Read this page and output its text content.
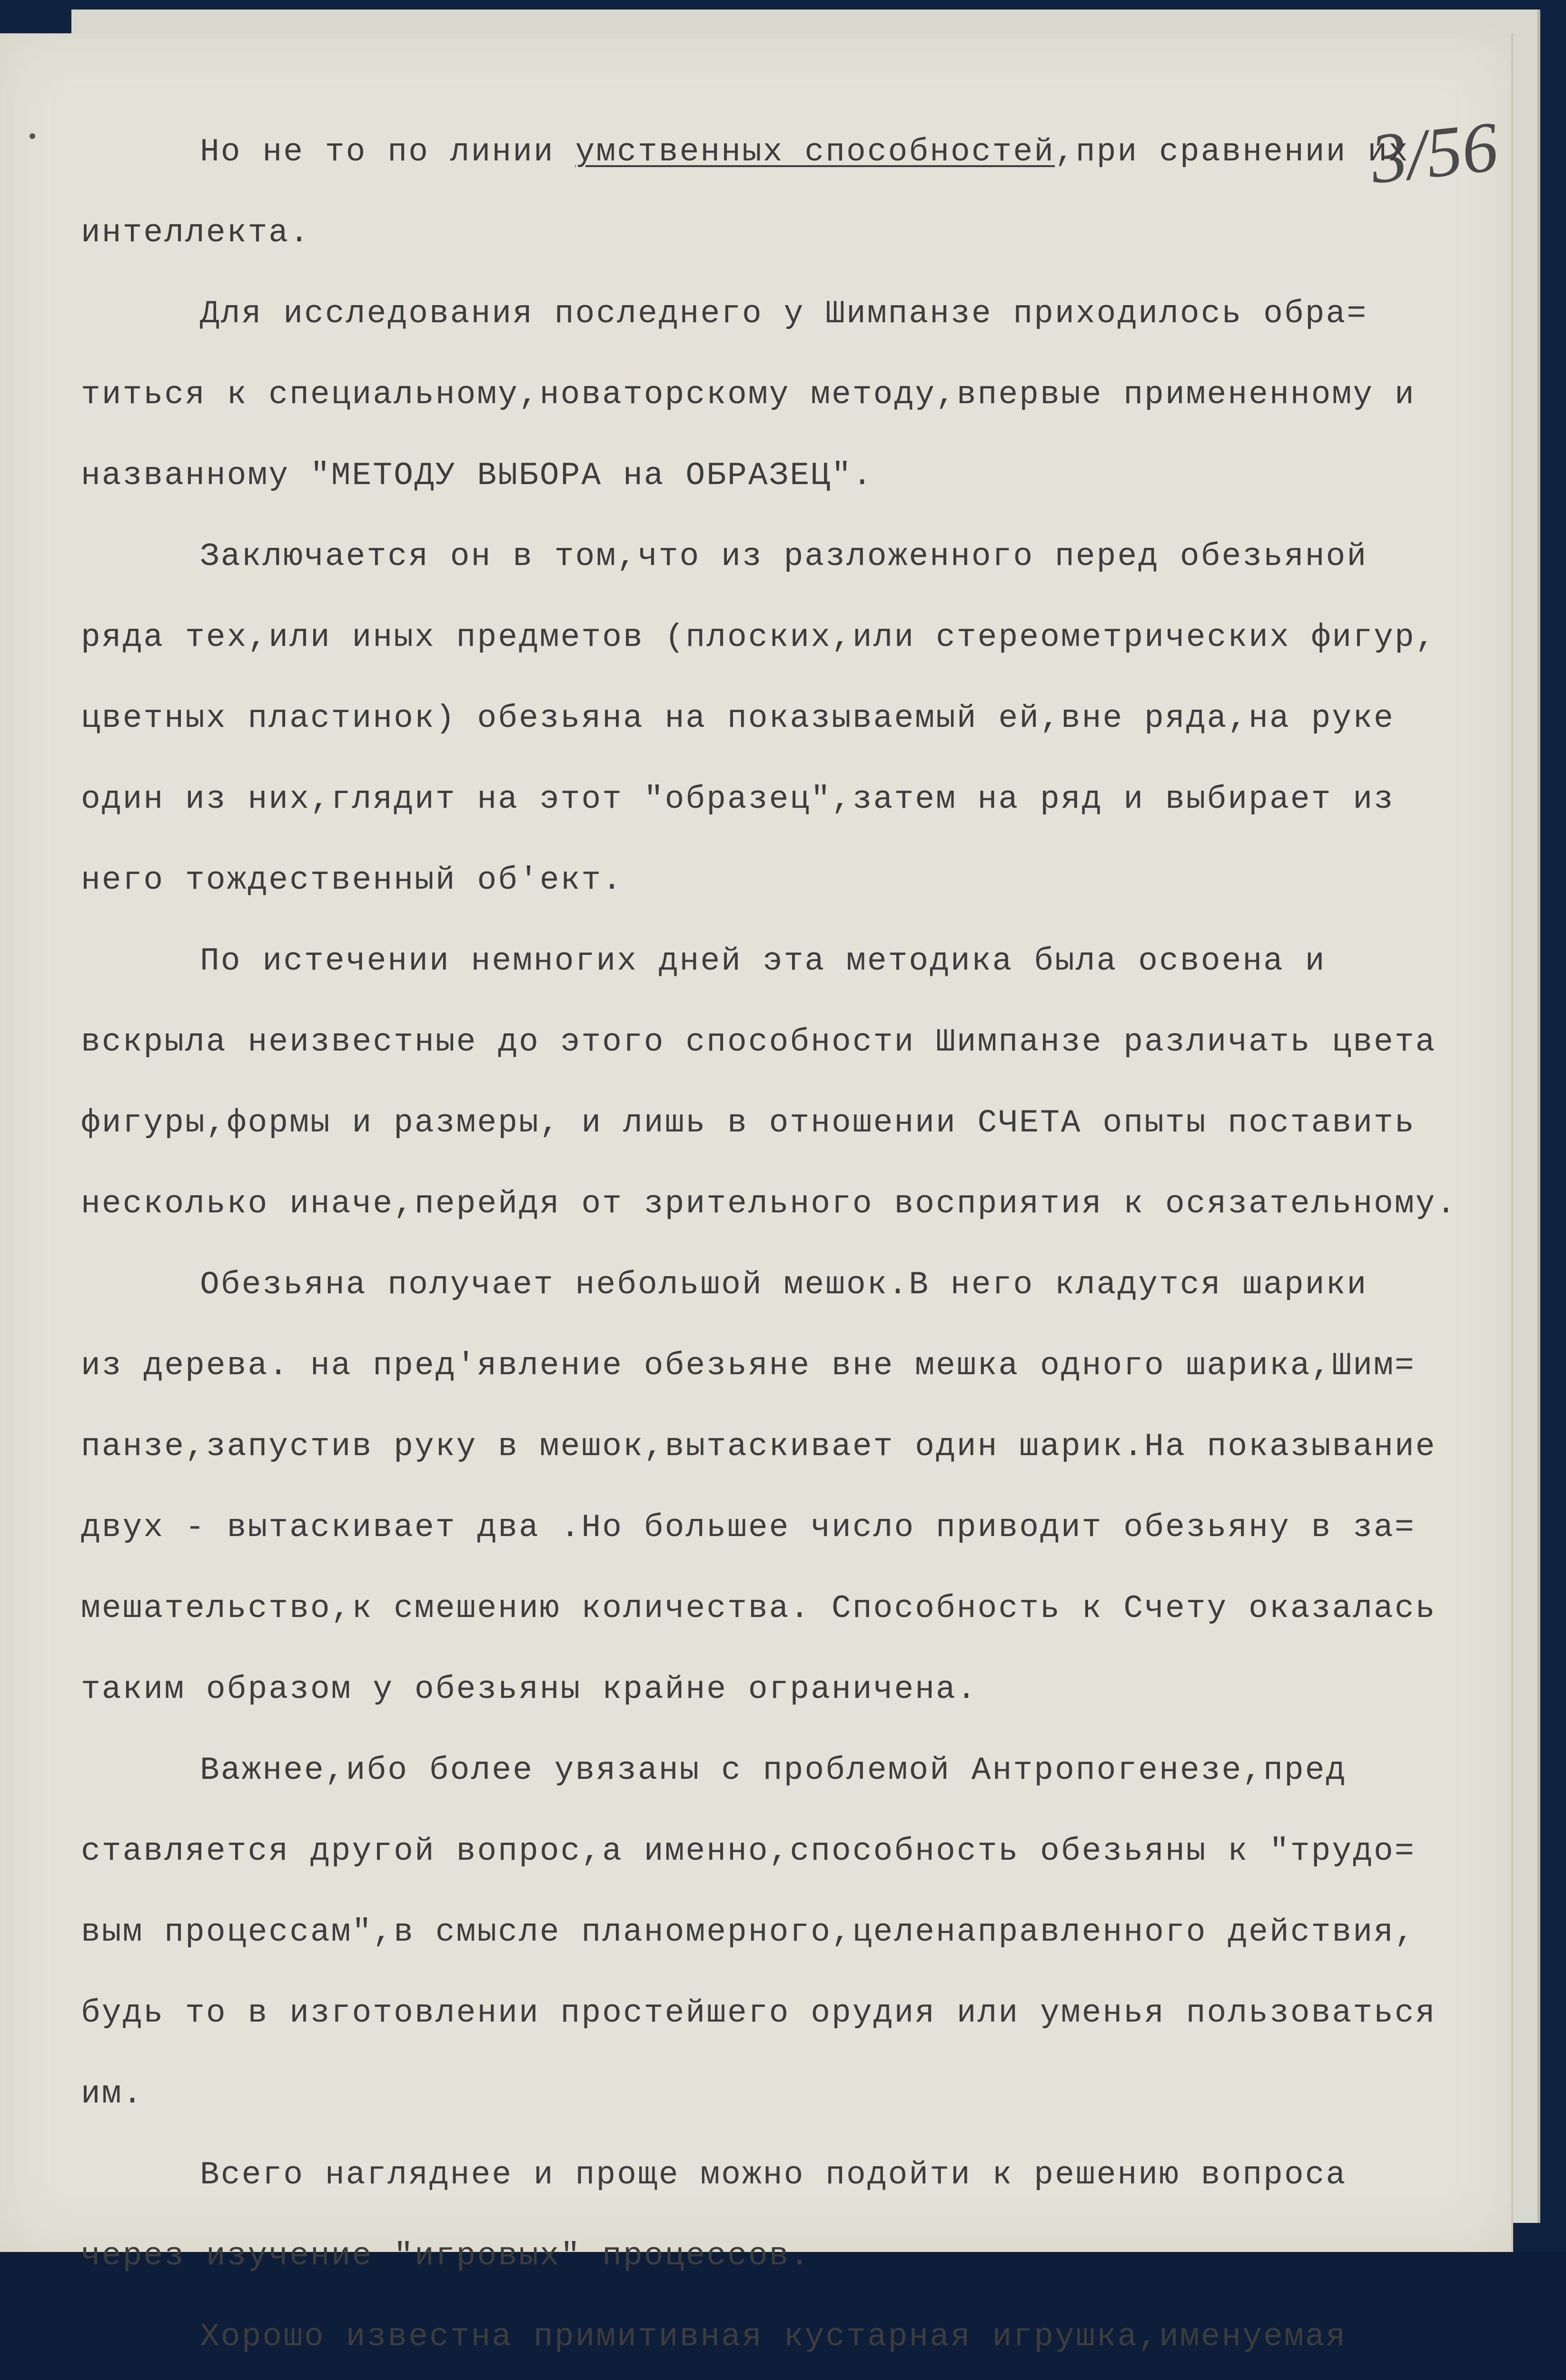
3/56
Но не то по линии умственных способностей,при сравнении их
интеллекта.
Для исследования последнего у Шимпанзе приходилось обра=
титься к специальному,новаторскому методу,впервые примененному и
названному "МЕТОДУ ВЫБОРА на ОБРАЗЕЦ".
Заключается он в том,что из разложенного перед обезьяной
ряда тех,или иных предметов (плоских,или стереометрических фигур,
цветных пластинок) обезьяна на показываемый ей,вне ряда,на руке
один из них,глядит на этот "образец",затем на ряд и выбирает из
него тождественный об'ект.
По истечении немногих дней эта методика была освоена и
вскрыла неизвестные до этого способности Шимпанзе различать цвета
фигуры,формы и размеры, и лишь в отношении СЧЕТА опыты поставить
несколько иначе,перейдя от зрительного восприятия к осязательному.
Обезьяна получает небольшой мешок.В него кладутся шарики
из дерева. на пред'явление обезьяне вне мешка одного шарика,Шим=
панзе,запустив руку в мешок,вытаскивает один шарик.На показывание
двух - вытаскивает два .Но большее число приводит обезьяну в за=
мешательство,к смешению количества. Способность к Счету оказалась
таким образом у обезьяны крайне ограничена.
Важнее,ибо более увязаны с проблемой Антропогенезе,пред
ставляется другой вопрос,а именно,способность обезьяны к "трудо=
вым процессам",в смысле планомерного,целенаправленного действия,
будь то в изготовлении простейшего орудия или уменья пользоваться
им.
Всего нагляднее и проще можно подойти к решению вопроса
через изучение "игровых" процессов.
Хорошо известна примитивная кустарная игрушка,именуемая
